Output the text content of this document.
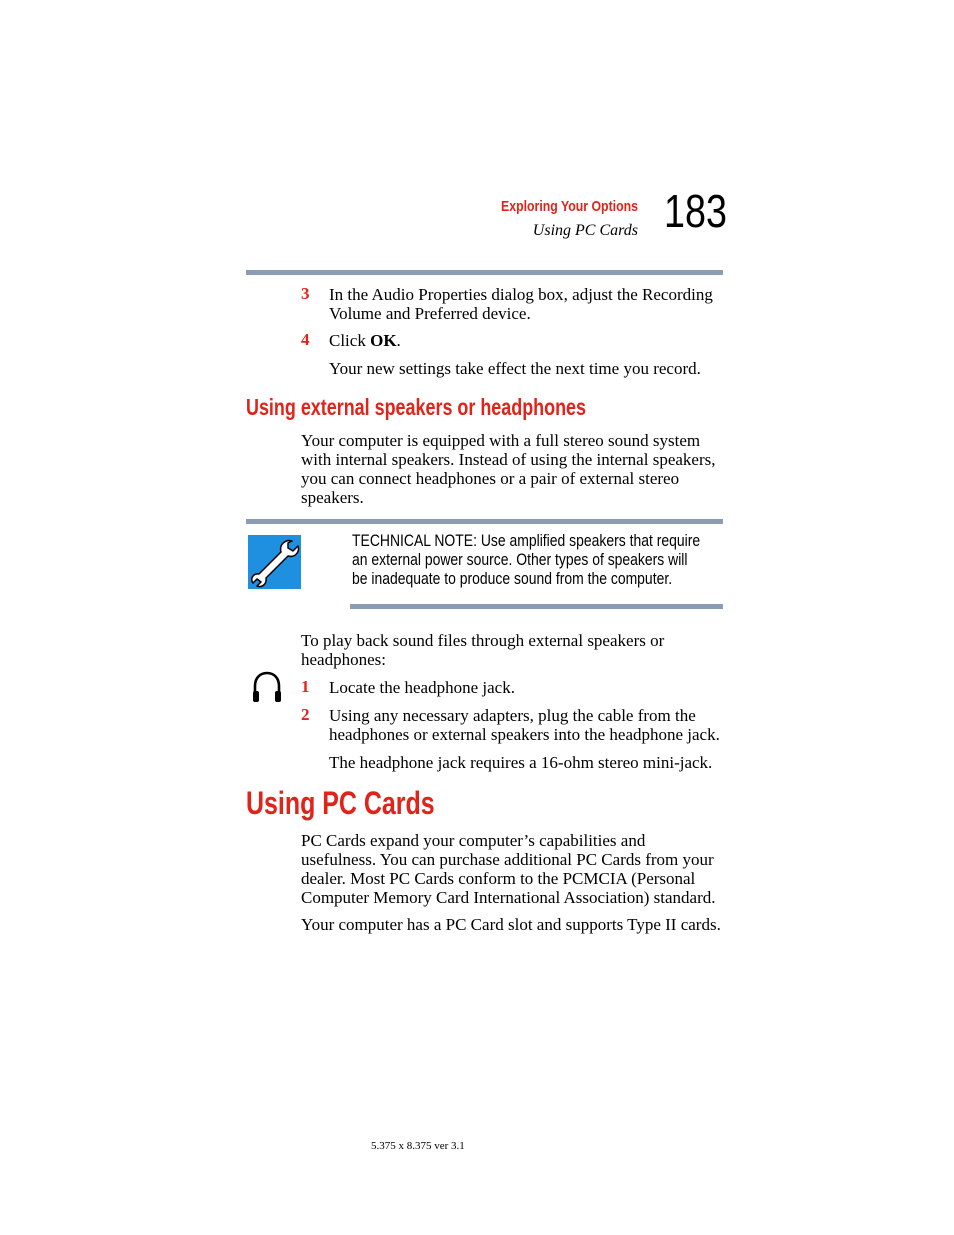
Exploring Your Options
Using PC Cards 183
3 In the Audio Properties dialog box, adjust the Recording Volume and Preferred device.
4 Click OK.
Your new settings take effect the next time you record.
Using external speakers or headphones
Your computer is equipped with a full stereo sound system with internal speakers. Instead of using the internal speakers, you can connect headphones or a pair of external stereo speakers.
TECHNICAL NOTE: Use amplified speakers that require an external power source. Other types of speakers will be inadequate to produce sound from the computer.
To play back sound files through external speakers or headphones:
1 Locate the headphone jack.
2 Using any necessary adapters, plug the cable from the headphones or external speakers into the headphone jack.
The headphone jack requires a 16-ohm stereo mini-jack.
Using PC Cards
PC Cards expand your computer’s capabilities and usefulness. You can purchase additional PC Cards from your dealer. Most PC Cards conform to the PCMCIA (Personal Computer Memory Card International Association) standard.
Your computer has a PC Card slot and supports Type II cards.
5.375 x 8.375 ver 3.1
